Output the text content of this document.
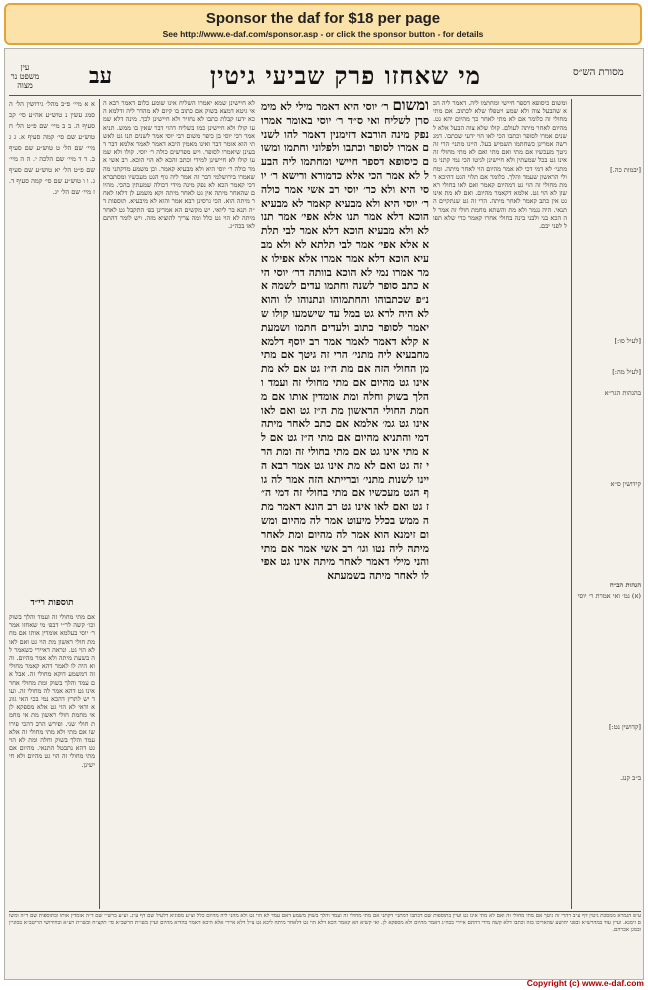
Sponsor the daf for $18 per page
See http://www.e-daf.com/sponsor.asp - or click the sponsor button - for details
מי שאחזו פרק שביעי גיטין
עב	מסורת הש״ס
עין משפט נר מצוה

א א מיי׳ פ״ב מהל׳ גירושין הל׳ ה סמג עשין נ טוש״ע אה״ע סי׳ קכ סעיף ה. ב ב מיי׳ שם פ״ט הל׳ ח טוש״ע שם סי׳ קמה סעיף א. ג ג מיי׳ שם הל׳ ט טוש״ע שם סעיף ב. ד ד מיי׳ שם הלכה י. ה ה מיי׳ שם פ״ט הל׳ יא טוש״ע שם סעיף ג. ו ו טוש״ע שם סי׳ קמה סעיף ד. ז מיי׳ שם הל׳ יג.

תוספות רי״ד

אם מתי מחולי זה ועמד והלך בשוק וכו׳ קשה לר״י דבפ׳ מי שאחזו אמר ר׳ יוסי בעלמא אומדין אותו אם מחמת חולי ראשון מת הוי גט ואם לאו לא הוי גט. ונראה דאיירי כשאמר לה בשעת מיתה ולא אמר מהיום. והוא היה לו לאמר דהא קאמר מחולי זה דמשמע דוקא מחולי זה. אבל אם עמד והלך בשוק ומת מחולי אחר אינו גט דהא אמר לה מחולי זה. ועוד יש לתרץ דהכא נמי בכי האי גוונא ודאי לא הוי גט אלא מספקא לן אי מחמת חולי ראשון מת אי מחמת חולי שני. ופירש הרב דהכי פירושו אם מתי ולא מתי מחולי זה אלא עמד והלך בשוק וחלה ומת לא הוי גט דהא נתבטל התנאי. מהיום אם מתי מחולי זה הוי גט מהיום ולא חיישינן.

לא חיישינן שמא יאמרו השליח אינו שומע כלום דאמר רבא האי גיטא דמצא בשוק אם כתוב בו קיום לא מהדר ליה ודלמא הכא ידעו קבלת כתבו לא נחזיר ולא חיישינן לכך. מינה דלא שמעו קולו ולא חיישינן כמו בשליח דהוי דבר שאין בו ממש. תניא אמר רבי יוסי בן כיפר משום רבי יוסי אמר לשנים תנו גט לאשתי הוא אומר דבר ואינו מאמין היכא דאמר לאמר אלמא דבר דבעינן שיאמרו לסופר. ויש מפרשים כולה ר׳ יוסי. קולו ולא שמעו קולו לא חיישינן למידי וכתב והכא לא הוי הוכא. רב אשי אמר כולה ר׳ יוסי היא ולא מבעיא קאמר. וכן משמע מדקתני מה שאמרו בירושלמי דבר זה אמר ליה גוף הגט מעכשיו ומסתברא דכי קאמר הכא לא נפק מינה מידי דכולה שמעתין בהכי. מהיום שהאחר מיתה אין גט לאחר מיתה וקא משמע לן דלאו לאחר מיתה הוא. הכי גרסינן רבא אמר והוא לא מיבעיא. תוספות ד״ה תנא בר ליואי. יש מקשים הא אמרינן בפ׳ התקבל גט לאחר מיתה לא הוי גט כלל ומה צריך להוציא מזה. ויש לומר דהתם לאו בכה״ג.

ומשום ר׳ יוסי היא דאמר מילי לא מימסרן לשליח ואי ס״ד ר׳ יוסי באומר אמרו נפק מינה הורבא דזימנין דאמר להו לשנים אמרו לסופר וכתבו ולפלוני וחתמו ומשום כיסופא דספר חיישי ומחתמו ליה הבעל לא אמר הכי אלא כדמורא ורישא ר׳ יוסי היא ולא כר׳ יוסי רב אשי אמר כולה ר׳ יוסי היא ולא מבעיא קאמר לא מבעיא הוכא דלא אמר תנו אלא אפי׳ אמר תנו לא ולא מבעיא הוכא דלא אמר לבי תלתא אלא אפי׳ אמר לבי תלתא לא ולא מבעיא הוכא דלא אמר אמרו אלא אפילו אמר אמרו נמי לא הוכא בוותה דר׳ יוסי היא כתב סופר לשנה וחתמו עדים לשמה אנ״פ שכתבוהו והחתמוהו ונתנוהו לו והוא לא היה לרא גט במל עד שישמעו קולו שיאמר לסופר כתוב ולעדים חתמו ושמעתא קלא דאמר לאמר אמר רב יוסף דלמא מחבעיא ליה מתני׳ הרי זה גיטך אם מתי מן החולי הזה אם מת ה״ז גט אם לא מת אינו גט מהיום אם מתי מחולי זה ועמד והלך בשוק וחלה ומת אומדין אותו אם מחמת החולי הראשון מת ה״ז גט ואם לאו אינו גט גמ׳ אלמא אם כתב לאחר מיתה דמי והתניא מהיום אם מתי ה״ז גט אם לא מתי אינו גט אם מתי בחולי זה ומת הרי זה גט ואם לא מת אינו גט אמר רבא היינו לשנות מתני׳ וברייתא הזה אמר לה גוף הגט מעכשיו אם מתי בחולי זה דמי ה״ז גט ואם לאו אינו גט רב הונא דאמר מתה ממש בכלל מיעוט אמר לה מהיום ומשום זימנא הוא אמר לה מהיום ומת לאחר מיתה ליה נטו וגו׳ רב אשי אמר אם מתי והני מילי דאמר לאחר מיתה אינו גט אפילו לאחר מיתה בשמעתא

ומשום כיסופא דספר חיישי ומחתמו ליה. דאמר ליה הכא שהבעל צוה ולא שמע ויטפלו שלא לכתוב. אם מתי מחולי זה כלומר אם לא מתי לאחר כך מהיום יהא גט. מהיום לאחר מיתה לעולם. קולו שלא צוה הבעל אלא לשנים אמרו לסופר וכתבו הכי לאו הוי ידעי שכתבו. דמגרשה אמרינן כשחתמו תשמיש בעל. היינו מתני׳ הרי זה גיטך מעכשיו אם מתי ואם מתי ואם לא מתי מחולי זה אינו גט בכל שמעתין ולא חיישינן לגיטו הכי נמי קתני ממתני׳ לא דמי דכי לא אמר מהיום הוי לאחר מיתה. ומחולי הראשון שעמד והלך. כלומר אם תלוי הגט דהיכא דמת מחולי זה הוי גט דמהיום קאמר ואם לאו בחולי ראשון לא הוי גט. אלמא דקאמר מהיום. ואם לא מת אינו גט אין כתב קאמר לאחר מיתה. הרי זה גט שנתקיים התנאי. היה נגמר ולא מת והשתא מחמת חולי זה אמר לה הכא בני ולבני בינה בחולי אחרו קאמר כדי שלא תפול לפני יבם.

[יבמות כה.]

[לעיל סו:]

[לעיל מה:]

בהגהות הגר״א

קידושין ס״א

הגהות הב״ח

(א) גמ׳ ואי אמרת ר׳ יוסי

[קדושין נט:]

ב״ב קנג.

ע״פ הגמרא ממסכת גיטין דף ע״ב דהרי זה גיטך אם מתי מחולי זה ואם לא מתי אינו גט ועיין בתוספות שם דכתבו דמתני׳ דקתני אם מתי מחולי זה ועמד והלך בשוק משמע דאם עמד לא הוי גט ולא מהני ליה מהיום כלל וצ״ע מסוגיא דלעיל שם דף ע״ג. וע״ע ברש״י שם ד״ה אומדין אותו ובתוספות שם ד״ה ומשום זימנא. ועיין עוד במהרש״א ובפני יהושע שהאריכו בזה וכתבו דלא קשה מידי דהתם איירי בכה״ג דאמר מהיום ולא מספקא לן. ואי קשיא הא קאמר הכא דלא הוי גט דלאחר מיתה ליכא גט צ״ל דלא איירי אלא היכא דאמר בהדיא מהיום ועיין בשו״ת הרשב״א סי׳ תקצ״ח ובשו״ת רע״א ובחידושי הריטב״א בסוגיין ובמגן אברהם.

Copyright (c) www.e-daf.com
